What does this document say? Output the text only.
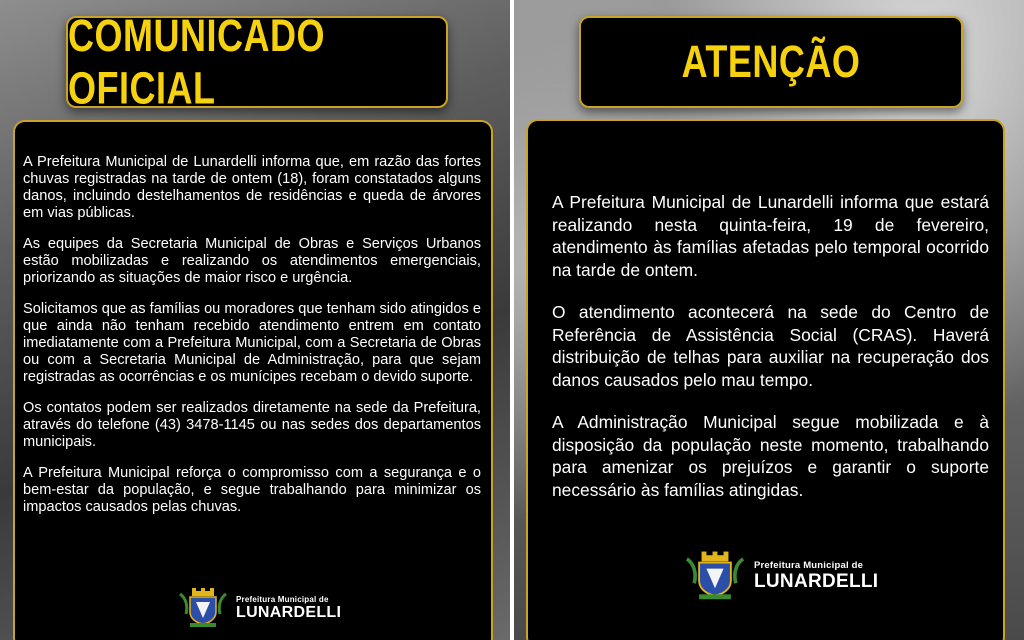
COMUNICADO OFICIAL

A Prefeitura Municipal de Lunardelli informa que, em razão das fortes chuvas registradas na tarde de ontem (18), foram constatados alguns danos, incluindo destelhamentos de residências e queda de árvores em vias públicas.

As equipes da Secretaria Municipal de Obras e Serviços Urbanos estão mobilizadas e realizando os atendimentos emergenciais, priorizando as situações de maior risco e urgência.

Solicitamos que as famílias ou moradores que tenham sido atingidos e que ainda não tenham recebido atendimento entrem em contato imediatamente com a Prefeitura Municipal, com a Secretaria de Obras ou com a Secretaria Municipal de Administração, para que sejam registradas as ocorrências e os munícipes recebam o devido suporte.

Os contatos podem ser realizados diretamente na sede da Prefeitura, através do telefone (43) 3478-1145 ou nas sedes dos departamentos municipais.

A Prefeitura Municipal reforça o compromisso com a segurança e o bem-estar da população, e segue trabalhando para minimizar os impactos causados pelas chuvas.

Prefeitura Municipal de
LUNARDELLI
ATENÇÃO

A Prefeitura Municipal de Lunardelli informa que estará realizando nesta quinta-feira, 19 de fevereiro, atendimento às famílias afetadas pelo temporal ocorrido na tarde de ontem.

O atendimento acontecerá na sede do Centro de Referência de Assistência Social (CRAS). Haverá distribuição de telhas para auxiliar na recuperação dos danos causados pelo mau tempo.

A Administração Municipal segue mobilizada e à disposição da população neste momento, trabalhando para amenizar os prejuízos e garantir o suporte necessário às famílias atingidas.

Prefeitura Municipal de
LUNARDELLI
